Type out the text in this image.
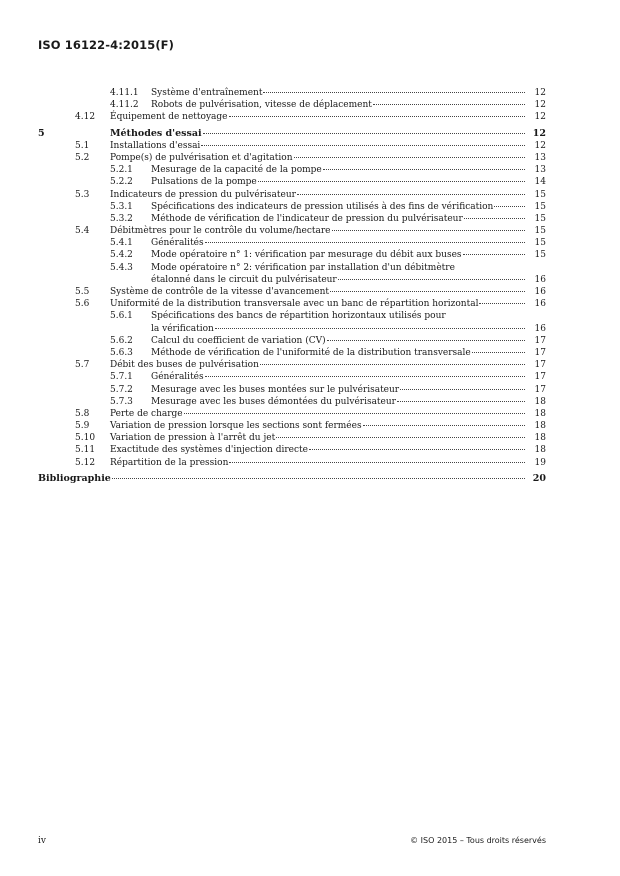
ISO 16122-4:2015(F)
4.11.1 Système d'entraînement	12
4.11.2 Robots de pulvérisation, vitesse de déplacement	12
4.12 Équipement de nettoyage	12
5	Méthodes d'essai	12
5.1 Installations d'essai	12
5.2 Pompe(s) de pulvérisation et d'agitation	13
5.2.1 Mesurage de la capacité de la pompe	13
5.2.2 Pulsations de la pompe	14
5.3 Indicateurs de pression du pulvérisateur	15
5.3.1 Spécifications des indicateurs de pression utilisés à des fins de vérification	15
5.3.2 Méthode de vérification de l'indicateur de pression du pulvérisateur	15
5.4 Débitmètres pour le contrôle du volume/hectare	15
5.4.1 Généralités	15
5.4.2 Mode opératoire n° 1: vérification par mesurage du débit aux buses	15
5.4.3 Mode opératoire n° 2: vérification par installation d'un débitmètre
étalonné dans le circuit du pulvérisateur	16
5.5 Système de contrôle de la vitesse d'avancement	16
5.6 Uniformité de la distribution transversale avec un banc de répartition horizontal	16
5.6.1 Spécifications des bancs de répartition horizontaux utilisés pour
la vérification	16
5.6.2 Calcul du coefficient de variation (CV)	17
5.6.3 Méthode de vérification de l'uniformité de la distribution transversale	17
5.7 Débit des buses de pulvérisation	17
5.7.1 Généralités	17
5.7.2 Mesurage avec les buses montées sur le pulvérisateur	17
5.7.3 Mesurage avec les buses démontées du pulvérisateur	18
5.8 Perte de charge	18
5.9 Variation de pression lorsque les sections sont fermées	18
5.10 Variation de pression à l'arrêt du jet	18
5.11 Exactitude des systèmes d'injection directe	18
5.12 Répartition de la pression	19
Bibliographie	20
iv	© ISO 2015 – Tous droits réservés
